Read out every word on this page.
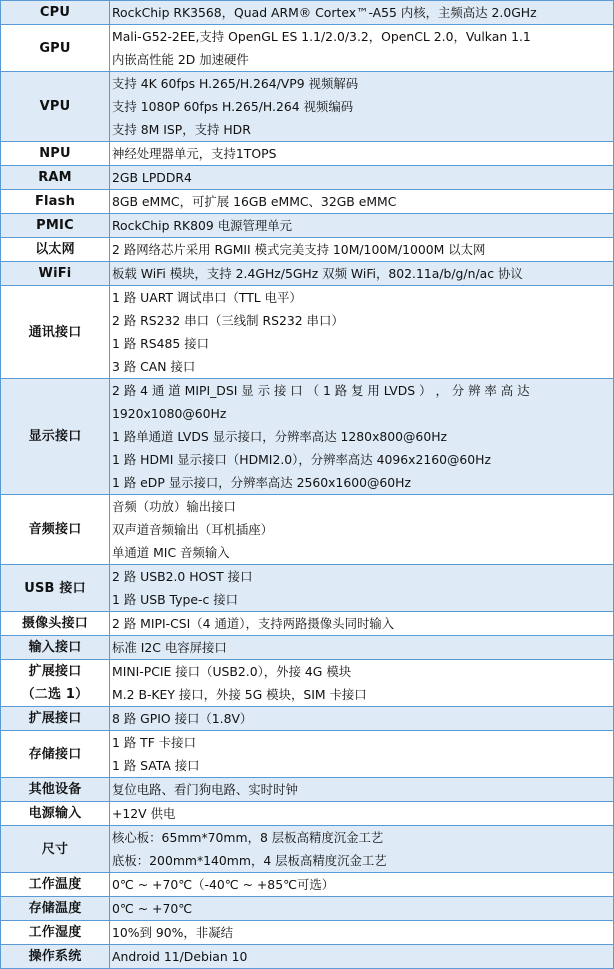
CPU	RockChip RK3568，Quad ARM® Cortex™-A55 内核，主频高达 2.0GHz

GPU	Mali-G52-2EE,支持 OpenGL ES 1.1/2.0/3.2，OpenCL 2.0，Vulkan 1.1
内嵌高性能 2D 加速硬件

VPU	支持 4K 60fps H.265/H.264/VP9 视频解码
支持 1080P 60fps H.265/H.264 视频编码
支持 8M ISP，支持 HDR

NPU	神经处理器单元，支持1TOPS

RAM	2GB LPDDR4

Flash	8GB eMMC，可扩展 16GB eMMC、32GB eMMC

PMIC	RockChip RK809 电源管理单元

以太网	2 路网络芯片采用 RGMII 模式完美支持 10M/100M/1000M 以太网

WiFi	板载 WiFi 模块，支持 2.4GHz/5GHz 双频 WiFi，802.11a/b/g/n/ac 协议

通讯接口	1 路 UART 调试串口（TTL 电平）
2 路 RS232 串口（三线制 RS232 串口）
1 路 RS485 接口
3 路 CAN 接口

显示接口	2 路 4 通 道 MIPI_DSI 显 示 接 口 （ 1 路 复 用 LVDS ） ， 分 辨 率 高 达
1920x1080@60Hz
1 路单通道 LVDS 显示接口，分辨率高达 1280x800@60Hz
1 路 HDMI 显示接口（HDMI2.0），分辨率高达 4096x2160@60Hz
1 路 eDP 显示接口，分辨率高达 2560x1600@60Hz

音频接口	音频（功放）输出接口
双声道音频输出（耳机插座）
单通道 MIC 音频输入

USB 接口	2 路 USB2.0 HOST 接口
1 路 USB Type-c 接口

摄像头接口	2 路 MIPI-CSI（4 通道），支持两路摄像头同时输入

输入接口	标准 I2C 电容屏接口

扩展接口
（二选 1）	MINI-PCIE 接口（USB2.0），外接 4G 模块
M.2 B-KEY 接口，外接 5G 模块，SIM 卡接口

扩展接口	8 路 GPIO 接口（1.8V）

存储接口	1 路 TF 卡接口
1 路 SATA 接口

其他设备	复位电路、看门狗电路、实时时钟

电源输入	+12V 供电

尺寸	核心板：65mm*70mm，8 层板高精度沉金工艺
底板：200mm*140mm，4 层板高精度沉金工艺

工作温度	0℃ ~ +70℃（-40℃ ~ +85℃可选）

存储温度	0℃ ~ +70℃

工作湿度	10%到 90%，非凝结

操作系统	Android 11/Debian 10
